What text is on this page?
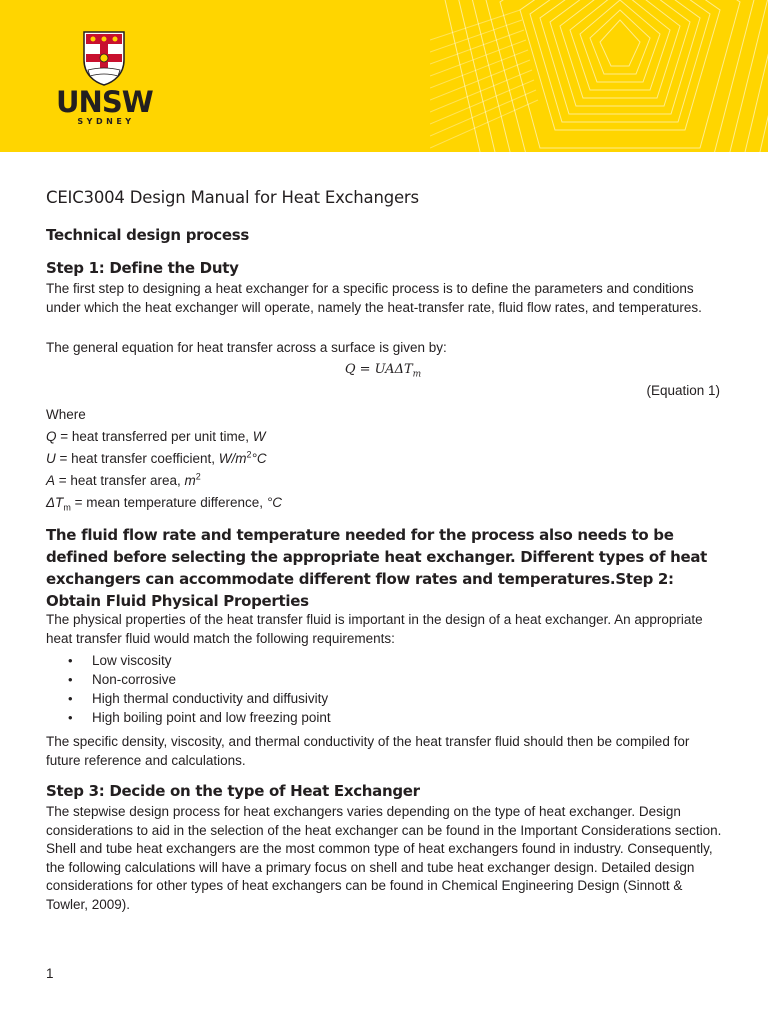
UNSW
SYDNEY
CEIC3004 Design Manual for Heat Exchangers
Technical design process
Step 1: Define the Duty

The first step to designing a heat exchanger for a specific process is to define the parameters and conditions under which the heat exchanger will operate, namely the heat-transfer rate, fluid flow rates, and temperatures.

The general equation for heat transfer across a surface is given by:

$Q = UA\Delta T_m$
(Equation 1)
Where
Q = heat transferred per unit time, W
U = heat transfer coefficient, $W/m^2^\circ C$
A = heat transfer area, $m^2$
$\Delta T_m$ = mean temperature difference, °C
The fluid flow rate and temperature needed for the process also needs to be defined before selecting the appropriate heat exchanger. Different types of heat exchangers can accommodate different flow rates and temperatures.Step 2: Obtain Fluid Physical Properties

The physical properties of the heat transfer fluid is important in the design of a heat exchanger. An appropriate heat transfer fluid would match the following requirements:

• Low viscosity
• Non-corrosive
• High thermal conductivity and diffusivity
• High boiling point and low freezing point

The specific density, viscosity, and thermal conductivity of the heat transfer fluid should then be compiled for future reference and calculations.

Step 3: Decide on the type of Heat Exchanger

The stepwise design process for heat exchangers varies depending on the type of heat exchanger. Design considerations to aid in the selection of the heat exchanger can be found in the Important Considerations section. Shell and tube heat exchangers are the most common type of heat exchangers found in industry. Consequently, the following calculations will have a primary focus on shell and tube heat exchanger design. Detailed design considerations for other types of heat exchangers can be found in Chemical Engineering Design (Sinnott & Towler, 2009).

1
